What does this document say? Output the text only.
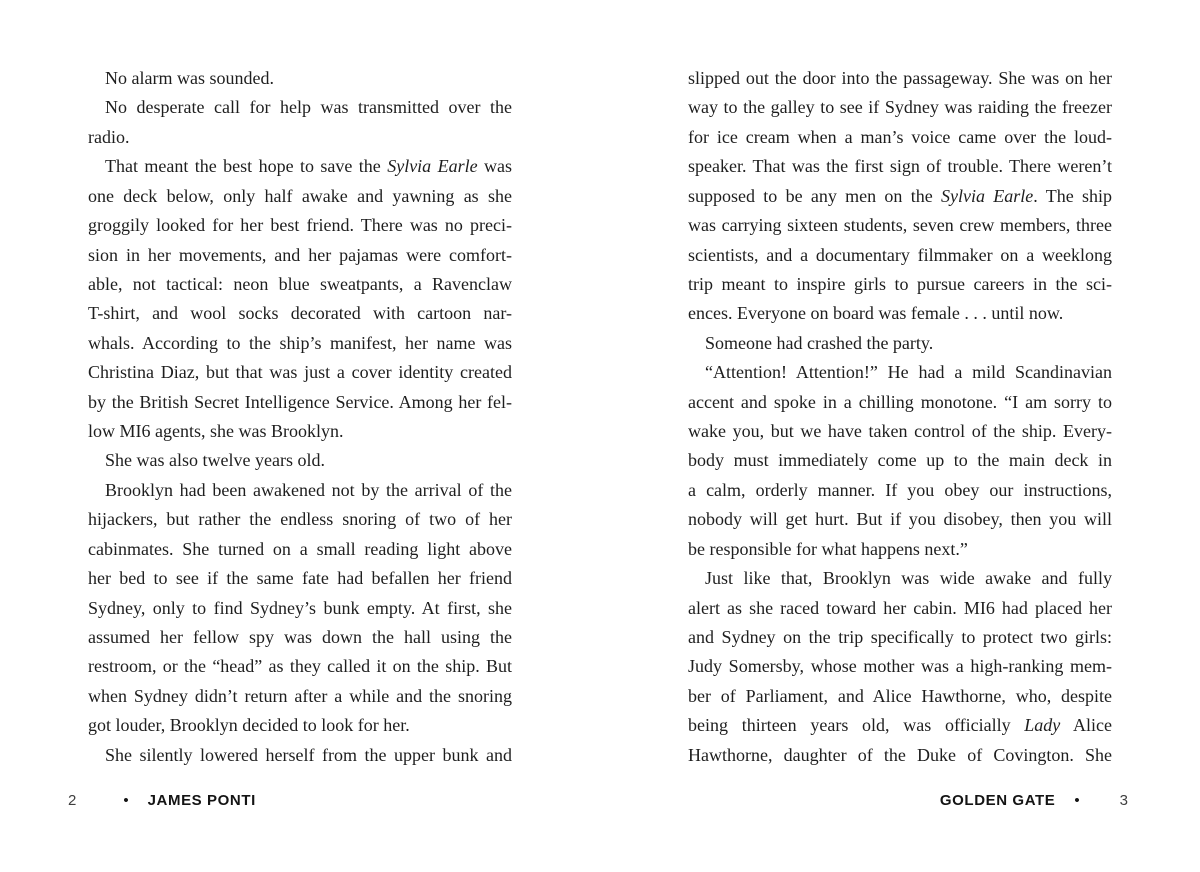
No alarm was sounded.
No desperate call for help was transmitted over the
radio.
That meant the best hope to save the Sylvia Earle was
one deck below, only half awake and yawning as she
groggily looked for her best friend. There was no preci-
sion in her movements, and her pajamas were comfort-
able, not tactical: neon blue sweatpants, a Ravenclaw
T-shirt, and wool socks decorated with cartoon nar-
whals. According to the ship’s manifest, her name was
Christina Diaz, but that was just a cover identity created
by the British Secret Intelligence Service. Among her fel-
low MI6 agents, she was Brooklyn.
She was also twelve years old.
Brooklyn had been awakened not by the arrival of the
hijackers, but rather the endless snoring of two of her
cabinmates. She turned on a small reading light above
her bed to see if the same fate had befallen her friend
Sydney, only to find Sydney’s bunk empty. At first, she
assumed her fellow spy was down the hall using the
restroom, or the “head” as they called it on the ship. But
when Sydney didn’t return after a while and the snoring
got louder, Brooklyn decided to look for her.
She silently lowered herself from the upper bunk and
slipped out the door into the passageway. She was on her
way to the galley to see if Sydney was raiding the freezer
for ice cream when a man’s voice came over the loud-
speaker. That was the first sign of trouble. There weren’t
supposed to be any men on the Sylvia Earle. The ship
was carrying sixteen students, seven crew members, three
scientists, and a documentary filmmaker on a weeklong
trip meant to inspire girls to pursue careers in the sci-
ences. Everyone on board was female . . . until now.
Someone had crashed the party.
“Attention! Attention!” He had a mild Scandinavian
accent and spoke in a chilling monotone. “I am sorry to
wake you, but we have taken control of the ship. Every-
body must immediately come up to the main deck in
a calm, orderly manner. If you obey our instructions,
nobody will get hurt. But if you disobey, then you will
be responsible for what happens next.”
Just like that, Brooklyn was wide awake and fully
alert as she raced toward her cabin. MI6 had placed her
and Sydney on the trip specifically to protect two girls:
Judy Somersby, whose mother was a high-ranking mem-
ber of Parliament, and Alice Hawthorne, who, despite
being thirteen years old, was officially Lady Alice
Hawthorne, daughter of the Duke of Covington. She
2	• JAMES PONTI	GOLDEN GATE •	3
